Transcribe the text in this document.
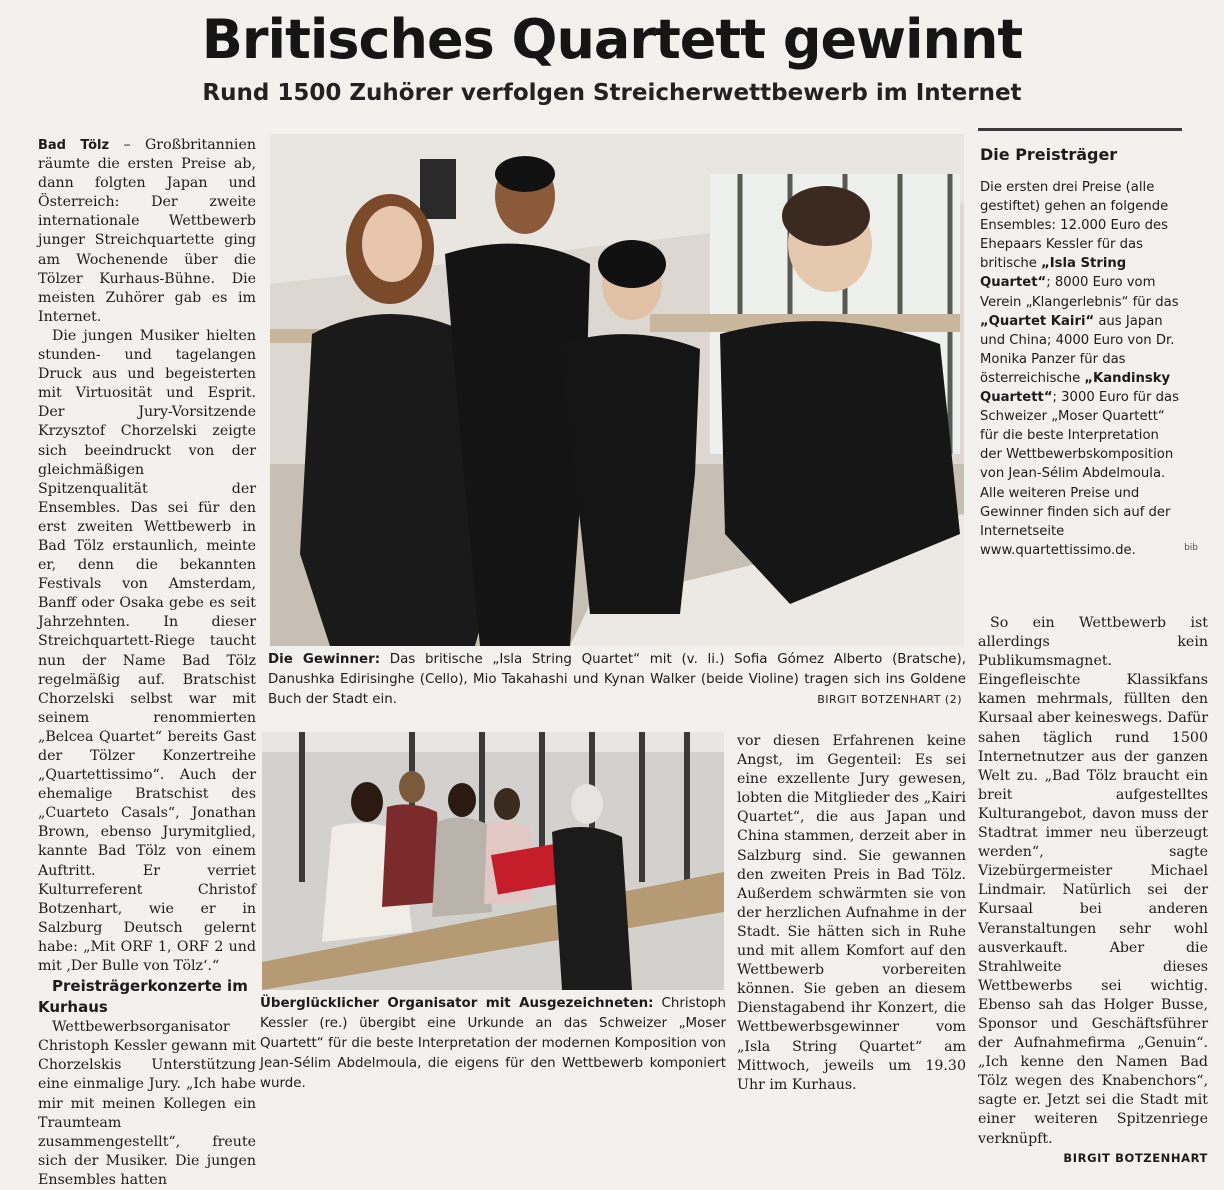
Britisches Quartett gewinnt
Rund 1500 Zuhörer verfolgen Streicherwettbewerb im Internet

Bad Tölz – Großbritannien räumte die ersten Preise ab, dann folgten Japan und Österreich: Der zweite internationale Wettbewerb junger Streichquartette ging am Wochenende über die Tölzer Kurhaus-Bühne. Die meisten Zuhörer gab es im Internet.

Die jungen Musiker hielten stunden- und tagelangen Druck aus und begeisterten mit Virtuosität und Esprit. Der Jury-Vorsitzende Krzysztof Chorzelski zeigte sich beeindruckt von der gleichmäßigen Spitzenqualität der Ensembles. Das sei für den erst zweiten Wettbewerb in Bad Tölz erstaunlich, meinte er, denn die bekannten Festivals von Amsterdam, Banff oder Osaka gebe es seit Jahrzehnten. In dieser Streichquartett-Riege taucht nun der Name Bad Tölz regelmäßig auf. Bratschist Chorzelski selbst war mit seinem renommierten „Belcea Quartet“ bereits Gast der Tölzer Konzertreihe „Quartettissimo“. Auch der ehemalige Bratschist des „Cuarteto Casals“, Jonathan Brown, ebenso Jurymitglied, kannte Bad Tölz von einem Auftritt. Er verriet Kulturreferent Christof Botzenhart, wie er in Salzburg Deutsch gelernt habe: „Mit ORF 1, ORF 2 und mit ‚Der Bulle von Tölz‘.“

Preisträgerkonzerte im Kurhaus

Wettbewerbsorganisator Christoph Kessler gewann mit Chorzelskis Unterstützung eine einmalige Jury. „Ich habe mir mit meinen Kollegen ein Traumteam zusammengestellt“, freute sich der Musiker. Die jungen Ensembles hatten

Die Gewinner: Das britische „Isla String Quartet“ mit (v. li.) Sofia Gómez Alberto (Bratsche), Danushka Edirisinghe (Cello), Mio Takahashi und Kynan Walker (beide Violine) tragen sich ins Goldene Buch der Stadt ein.	BIRGIT BOTZENHART (2)
Überglücklicher Organisator mit Ausgezeichneten: Christoph Kessler (re.) übergibt eine Urkunde an das Schweizer „Moser Quartett“ für die beste Interpretation der modernen Komposition von Jean-Sélim Abdelmoula, die eigens für den Wettbewerb komponiert wurde.

vor diesen Erfahrenen keine Angst, im Gegenteil: Es sei eine exzellente Jury gewesen, lobten die Mitglieder des „Kairi Quartet“, die aus Japan und China stammen, derzeit aber in Salzburg sind. Sie gewannen den zweiten Preis in Bad Tölz. Außerdem schwärmten sie von der herzlichen Aufnahme in der Stadt. Sie hätten sich in Ruhe und mit allem Komfort auf den Wettbewerb vorbereiten können. Sie geben an diesem Dienstagabend ihr Konzert, die Wettbewerbsgewinner vom „Isla String Quartet“ am Mittwoch, jeweils um 19.30 Uhr im Kurhaus.

Die Preisträger
Die ersten drei Preise (alle gestiftet) gehen an folgende Ensembles: 12.000 Euro des Ehepaars Kessler für das britische „Isla String Quartet“; 8000 Euro vom Verein „Klangerlebnis“ für das „Quartet Kairi“ aus Japan und China; 4000 Euro von Dr. Monika Panzer für das österreichische „Kandinsky Quartett“; 3000 Euro für das Schweizer „Moser Quartett“ für die beste Interpretation der Wettbewerbskomposition von Jean-Sélim Abdelmoula. Alle weiteren Preise und Gewinner finden sich auf der Internetseite www.quartettissimo.de.	bib

So ein Wettbewerb ist allerdings kein Publikumsmagnet. Eingefleischte Klassikfans kamen mehrmals, füllten den Kursaal aber keineswegs. Dafür sahen täglich rund 1500 Internetnutzer aus der ganzen Welt zu. „Bad Tölz braucht ein breit aufgestelltes Kulturangebot, davon muss der Stadtrat immer neu überzeugt werden“, sagte Vizebürgermeister Michael Lindmair. Natürlich sei der Kursaal bei anderen Veranstaltungen sehr wohl ausverkauft. Aber die Strahlweite dieses Wettbewerbs sei wichtig. Ebenso sah das Holger Busse, Sponsor und Geschäftsführer der Aufnahmefirma „Genuin“. „Ich kenne den Namen Bad Tölz wegen des Knabenchors“, sagte er. Jetzt sei die Stadt mit einer weiteren Spitzenriege verknüpft.
BIRGIT BOTZENHART
